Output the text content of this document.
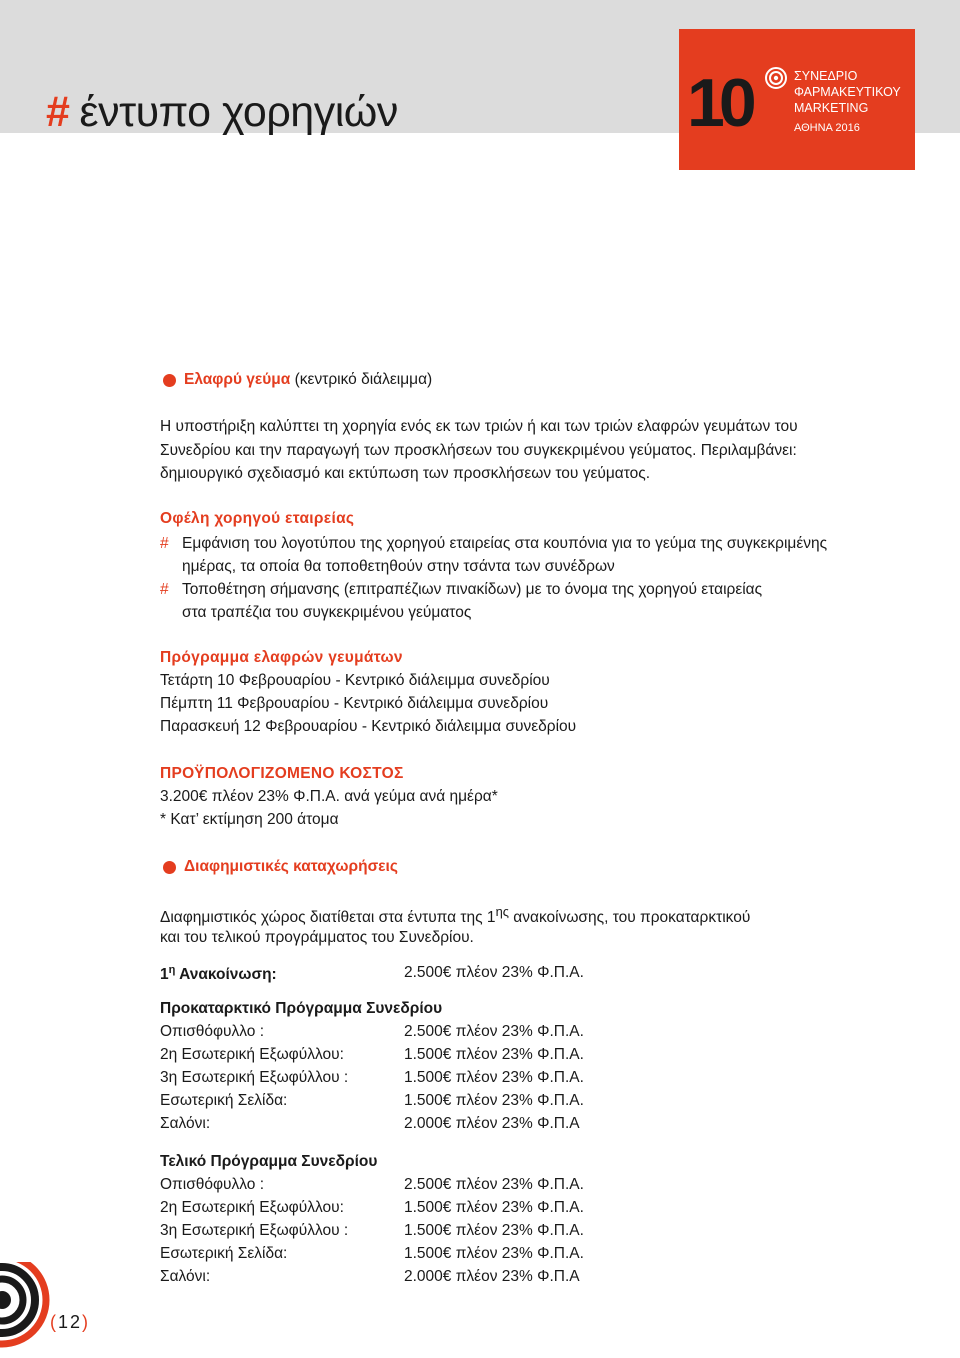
# έντυπο χορηγιών	10	ΣΥΝΕΔΡΙΟ
ΦΑΡΜΑΚΕΥΤΙΚΟΥ
MARKETING
ΑΘΗΝΑ 2016
Ελαφρύ γεύμα
(κεντρικό διάλειμμα)
Η υποστήριξη καλύπτει τη χορηγία ενός εκ των τριών ή και των τριών ελαφρών γευμάτων του
Συνεδρίου και την παραγωγή των προσκλήσεων του συγκεκριμένου γεύματος. Περιλαμβάνει:
δημιουργικό σχεδιασμό και εκτύπωση των προσκλήσεων του γεύματος.
Οφέλη χορηγού εταιρείας
# Εμφάνιση του λογοτύπου της χορηγού εταιρείας στα κουπόνια για το γεύμα της συγκεκριμένης
ημέρας, τα οποία θα τοποθετηθούν στην τσάντα των συνέδρων
# Τοποθέτηση σήμανσης (επιτραπέζιων πινακίδων) με το όνομα της χορηγού εταιρείας
στα τραπέζια του συγκεκριμένου γεύματος
Πρόγραμμα ελαφρών γευμάτων
Τετάρτη 10 Φεβρουαρίου - Κεντρικό διάλειμμα συνεδρίου
Πέμπτη 11 Φεβρουαρίου - Κεντρικό διάλειμμα συνεδρίου
Παρασκευή 12 Φεβρουαρίου - Κεντρικό διάλειμμα συνεδρίου
ΠΡΟΫΠΟΛΟΓΙΖΟΜΕΝΟ ΚΟΣΤΟΣ
3.200€ πλέον 23% Φ.Π.Α. ανά γεύμα ανά ημέρα*
* Κατ’ εκτίμηση 200 άτομα
Διαφημιστικές καταχωρήσεις
Διαφημιστικός χώρος διατίθεται στα έντυπα της $1^{\eta\varsigma}$ ανακοίνωσης, του προκαταρκτικού
και του τελικού προγράμματος του Συνεδρίου.
$1^\eta$ Ανακοίνωση:	2.500€ πλέον 23% Φ.Π.Α.
Προκαταρκτικό Πρόγραμμα Συνεδρίου
Οπισθόφυλλο :	2.500€ πλέον 23% Φ.Π.Α.
2η Εσωτερική Εξωφύλλου:	1.500€ πλέον 23% Φ.Π.Α.
3η Εσωτερική Εξωφύλλου :	1.500€ πλέον 23% Φ.Π.Α.
Εσωτερική Σελίδα:	1.500€ πλέον 23% Φ.Π.Α.
Σαλόνι:	2.000€ πλέον 23% Φ.Π.Α
Τελικό Πρόγραμμα Συνεδρίου
Οπισθόφυλλο :	2.500€ πλέον 23% Φ.Π.Α.
2η Εσωτερική Εξωφύλλου:	1.500€ πλέον 23% Φ.Π.Α.
3η Εσωτερική Εξωφύλλου :	1.500€ πλέον 23% Φ.Π.Α.
Εσωτερική Σελίδα:	1.500€ πλέον 23% Φ.Π.Α.
Σαλόνι:	2.000€ πλέον 23% Φ.Π.Α
(12)
